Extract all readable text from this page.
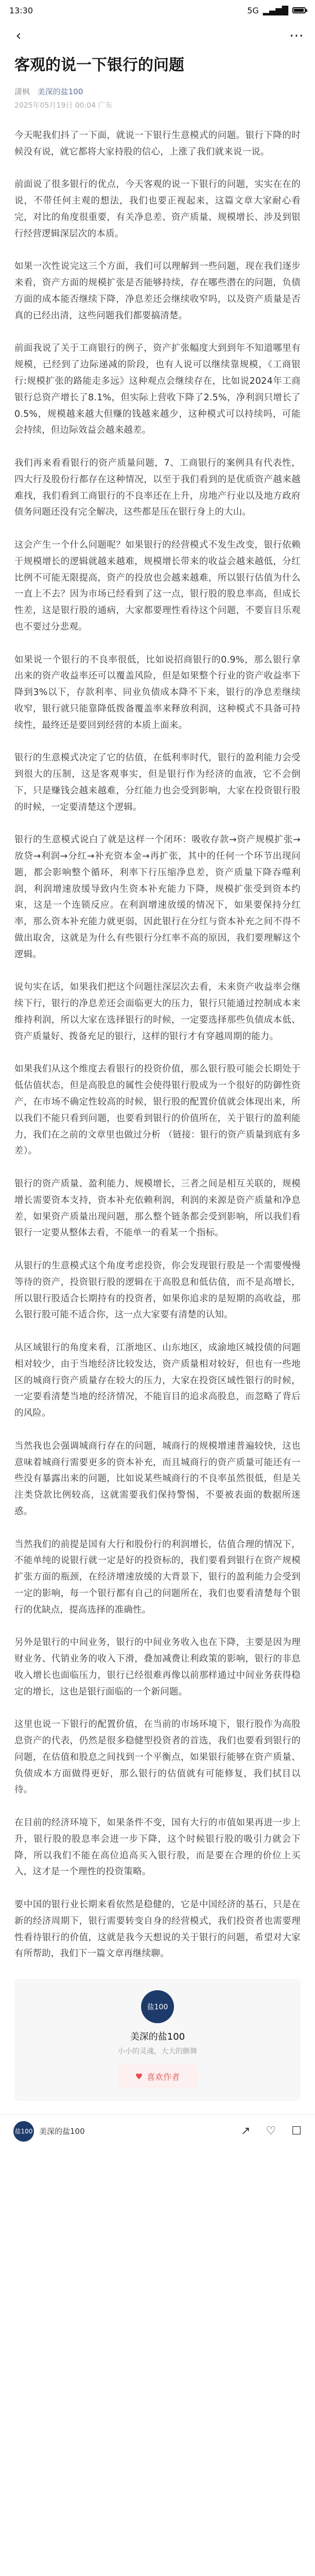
13:30	5G ▂▄▆█
‹	⋯
客观的说一下银行的问题
潇枫 美深的盐100
2025年05月19日 00:04 广东

今天呢我们抖了一下面，就说一下银行生意模式的问题。银行下降的时候没有说，就它都将大家持股的信心，上涨了我们就来说一说。

前面说了很多银行的优点，今天客观的说一下银行的问题，实实在在的说，不带任何主观的想法，我们也要正视起来，这篇文章大家耐心看完，对比的角度很重要，有关净息差、资产质量、规模增长、涉及到银行经营逻辑深层次的本质。

如果一次性说完这三个方面，我们可以理解到一些问题，现在我们逐步来看，资产方面的规模扩张是否能够持续，存在哪些潜在的问题，负债方面的成本能否继续下降，净息差还会继续收窄吗，以及资产质量是否真的已经出清，这些问题我们都要搞清楚。

前面我说了关于工商银行的例子，资产扩张幅度大到到年不知道哪里有规模，已经到了边际递减的阶段，也有人说可以继续靠规模，《工商银行:规模扩张的路能走多远》这种观点会继续存在，比如说2024年工商银行总资产增长了8.1%，但实际上营收下降了2.5%，净利润只增长了0.5%，规模越来越大但赚的钱越来越少，这种模式可以持续吗，可能会持续，但边际效益会越来越差。

我们再来看看银行的资产质量问题，7、工商银行的案例具有代表性，四大行及股份行都存在这种情况，以至于我们看到的是优质资产越来越难找，我们看到工商银行的不良率还在上升，房地产行业以及地方政府债务问题还没有完全解决，这些都是压在银行身上的大山。

这会产生一个什么问题呢？如果银行的经营模式不发生改变，银行依赖于规模增长的逻辑就越来越难，规模增长带来的收益会越来越低，分红比例不可能无限提高，资产的投放也会越来越难，所以银行估值为什么一直上不去？因为市场已经看到了这一点，银行股的股息率高，但成长性差，这是银行股的通病，大家都要理性看待这个问题，不要盲目乐观也不要过分悲观。

如果说一个银行的不良率很低，比如说招商银行的0.9%，那么银行拿出来的资产收益率还可以覆盖风险，但是如果整个行业的资产收益率下降到3%以下，存款利率、同业负债成本降不下来，银行的净息差继续收窄，银行就只能靠降低拨备覆盖率来释放利润，这种模式不具备可持续性，最终还是要回到经营的本质上面来。

银行的生意模式决定了它的估值，在低利率时代，银行的盈利能力会受到很大的压制，这是客观事实，但是银行作为经济的血液，它不会倒下，只是赚钱会越来越难，分红能力也会受到影响，大家在投资银行股的时候，一定要清楚这个逻辑。

银行的生意模式说白了就是这样一个闭环：吸收存款→资产规模扩张→放贷→利润→分红→补充资本金→再扩张，其中的任何一个环节出现问题，都会影响整个循环，利率下行压缩净息差，资产质量下降吞噬利润，利润增速放缓导致内生资本补充能力下降，规模扩张受到资本约束，这是一个连锁反应。在利润增速放缓的情况下，如果要保持分红率，那么资本补充能力就更弱，因此银行在分红与资本补充之间不得不做出取舍，这就是为什么有些银行分红率不高的原因，我们要理解这个逻辑。

说句实在话，如果我们把这个问题往深层次去看，未来资产收益率会继续下行，银行的净息差还会面临更大的压力，银行只能通过控制成本来维持利润，所以大家在选择银行的时候，一定要选择那些负债成本低、资产质量好、拨备充足的银行，这样的银行才有穿越周期的能力。

如果我们从这个维度去看银行的投资价值，那么银行股可能会长期处于低估值状态，但是高股息的属性会使得银行股成为一个很好的防御性资产，在市场不确定性较高的时候，银行股的配置价值就会体现出来，所以我们不能只看到问题，也要看到银行的价值所在，关于银行的盈利能力，我们在之前的文章里也做过分析 （链接：银行的资产质量到底有多差）。

银行的资产质量、盈利能力、规模增长，三者之间是相互关联的，规模增长需要资本支持，资本补充依赖利润，利润的来源是资产质量和净息差，如果资产质量出现问题，那么整个链条都会受到影响，所以我们看银行一定要从整体去看，不能单一的看某一个指标。

从银行的生意模式这个角度考虑投资，你会发现银行股是一个需要慢慢等待的资产，投资银行股的逻辑在于高股息和低估值，而不是高增长，所以银行股适合长期持有的投资者，如果你追求的是短期的高收益，那么银行股可能不适合你，这一点大家要有清楚的认知。

从区域银行的角度来看，江浙地区、山东地区，成渝地区城投债的问题相对较少，由于当地经济比较发达，资产质量相对较好，但也有一些地区的城商行资产质量存在较大的压力，大家在投资区域性银行的时候，一定要看清楚当地的经济情况，不能盲目的追求高股息，而忽略了背后的风险。

当然我也会强调城商行存在的问题，城商行的规模增速普遍较快，这也意味着城商行需要更多的资本补充，而且城商行的资产质量可能还有一些没有暴露出来的问题，比如说某些城商行的不良率虽然很低，但是关注类贷款比例较高，这就需要我们保持警惕，不要被表面的数据所迷惑。

当然我们的前提是国有大行和股份行的利润增长，估值合理的情况下，不能单纯的说银行就一定是好的投资标的，我们要看到银行在资产规模扩张方面的瓶颈，在经济增速放缓的大背景下，银行的盈利能力会受到一定的影响，每一个银行都有自己的问题所在，我们也要看清楚每个银行的优缺点，提高选择的准确性。

另外是银行的中间业务，银行的中间业务收入也在下降，主要是因为理财业务、代销业务的收入下滑，叠加减费让利政策的影响，银行的非息收入增长也面临压力，银行已经很难再像以前那样通过中间业务获得稳定的增长，这也是银行面临的一个新问题。

这里也说一下银行的配置价值，在当前的市场环境下，银行股作为高股息资产的代表，仍然是很多稳健型投资者的首选，我们也要看到银行的问题，在估值和股息之间找到一个平衡点，如果银行能够在资产质量、负债成本方面做得更好，那么银行的估值就有可能修复，我们拭目以待。

在目前的经济环境下，如果条件不变，国有大行的市值如果再进一步上升，银行股的股息率会进一步下降，这个时候银行股的吸引力就会下降，所以我们不能在高位追高买入银行股，而是要在合理的价位上买入，这才是一个理性的投资策略。

要中国的银行业长期来看依然是稳健的，它是中国经济的基石，只是在新的经济周期下，银行需要转变自身的经营模式，我们投资者也需要理性看待银行的价值，这就是我今天想说的关于银行的问题，希望对大家有所帮助，我们下一篇文章再继续聊。

盐100
美深的盐100
小小的灵魂，大大的颤舞
♥ 喜欢作者
盐100 美深的盐100	↗ ♡ ☐
